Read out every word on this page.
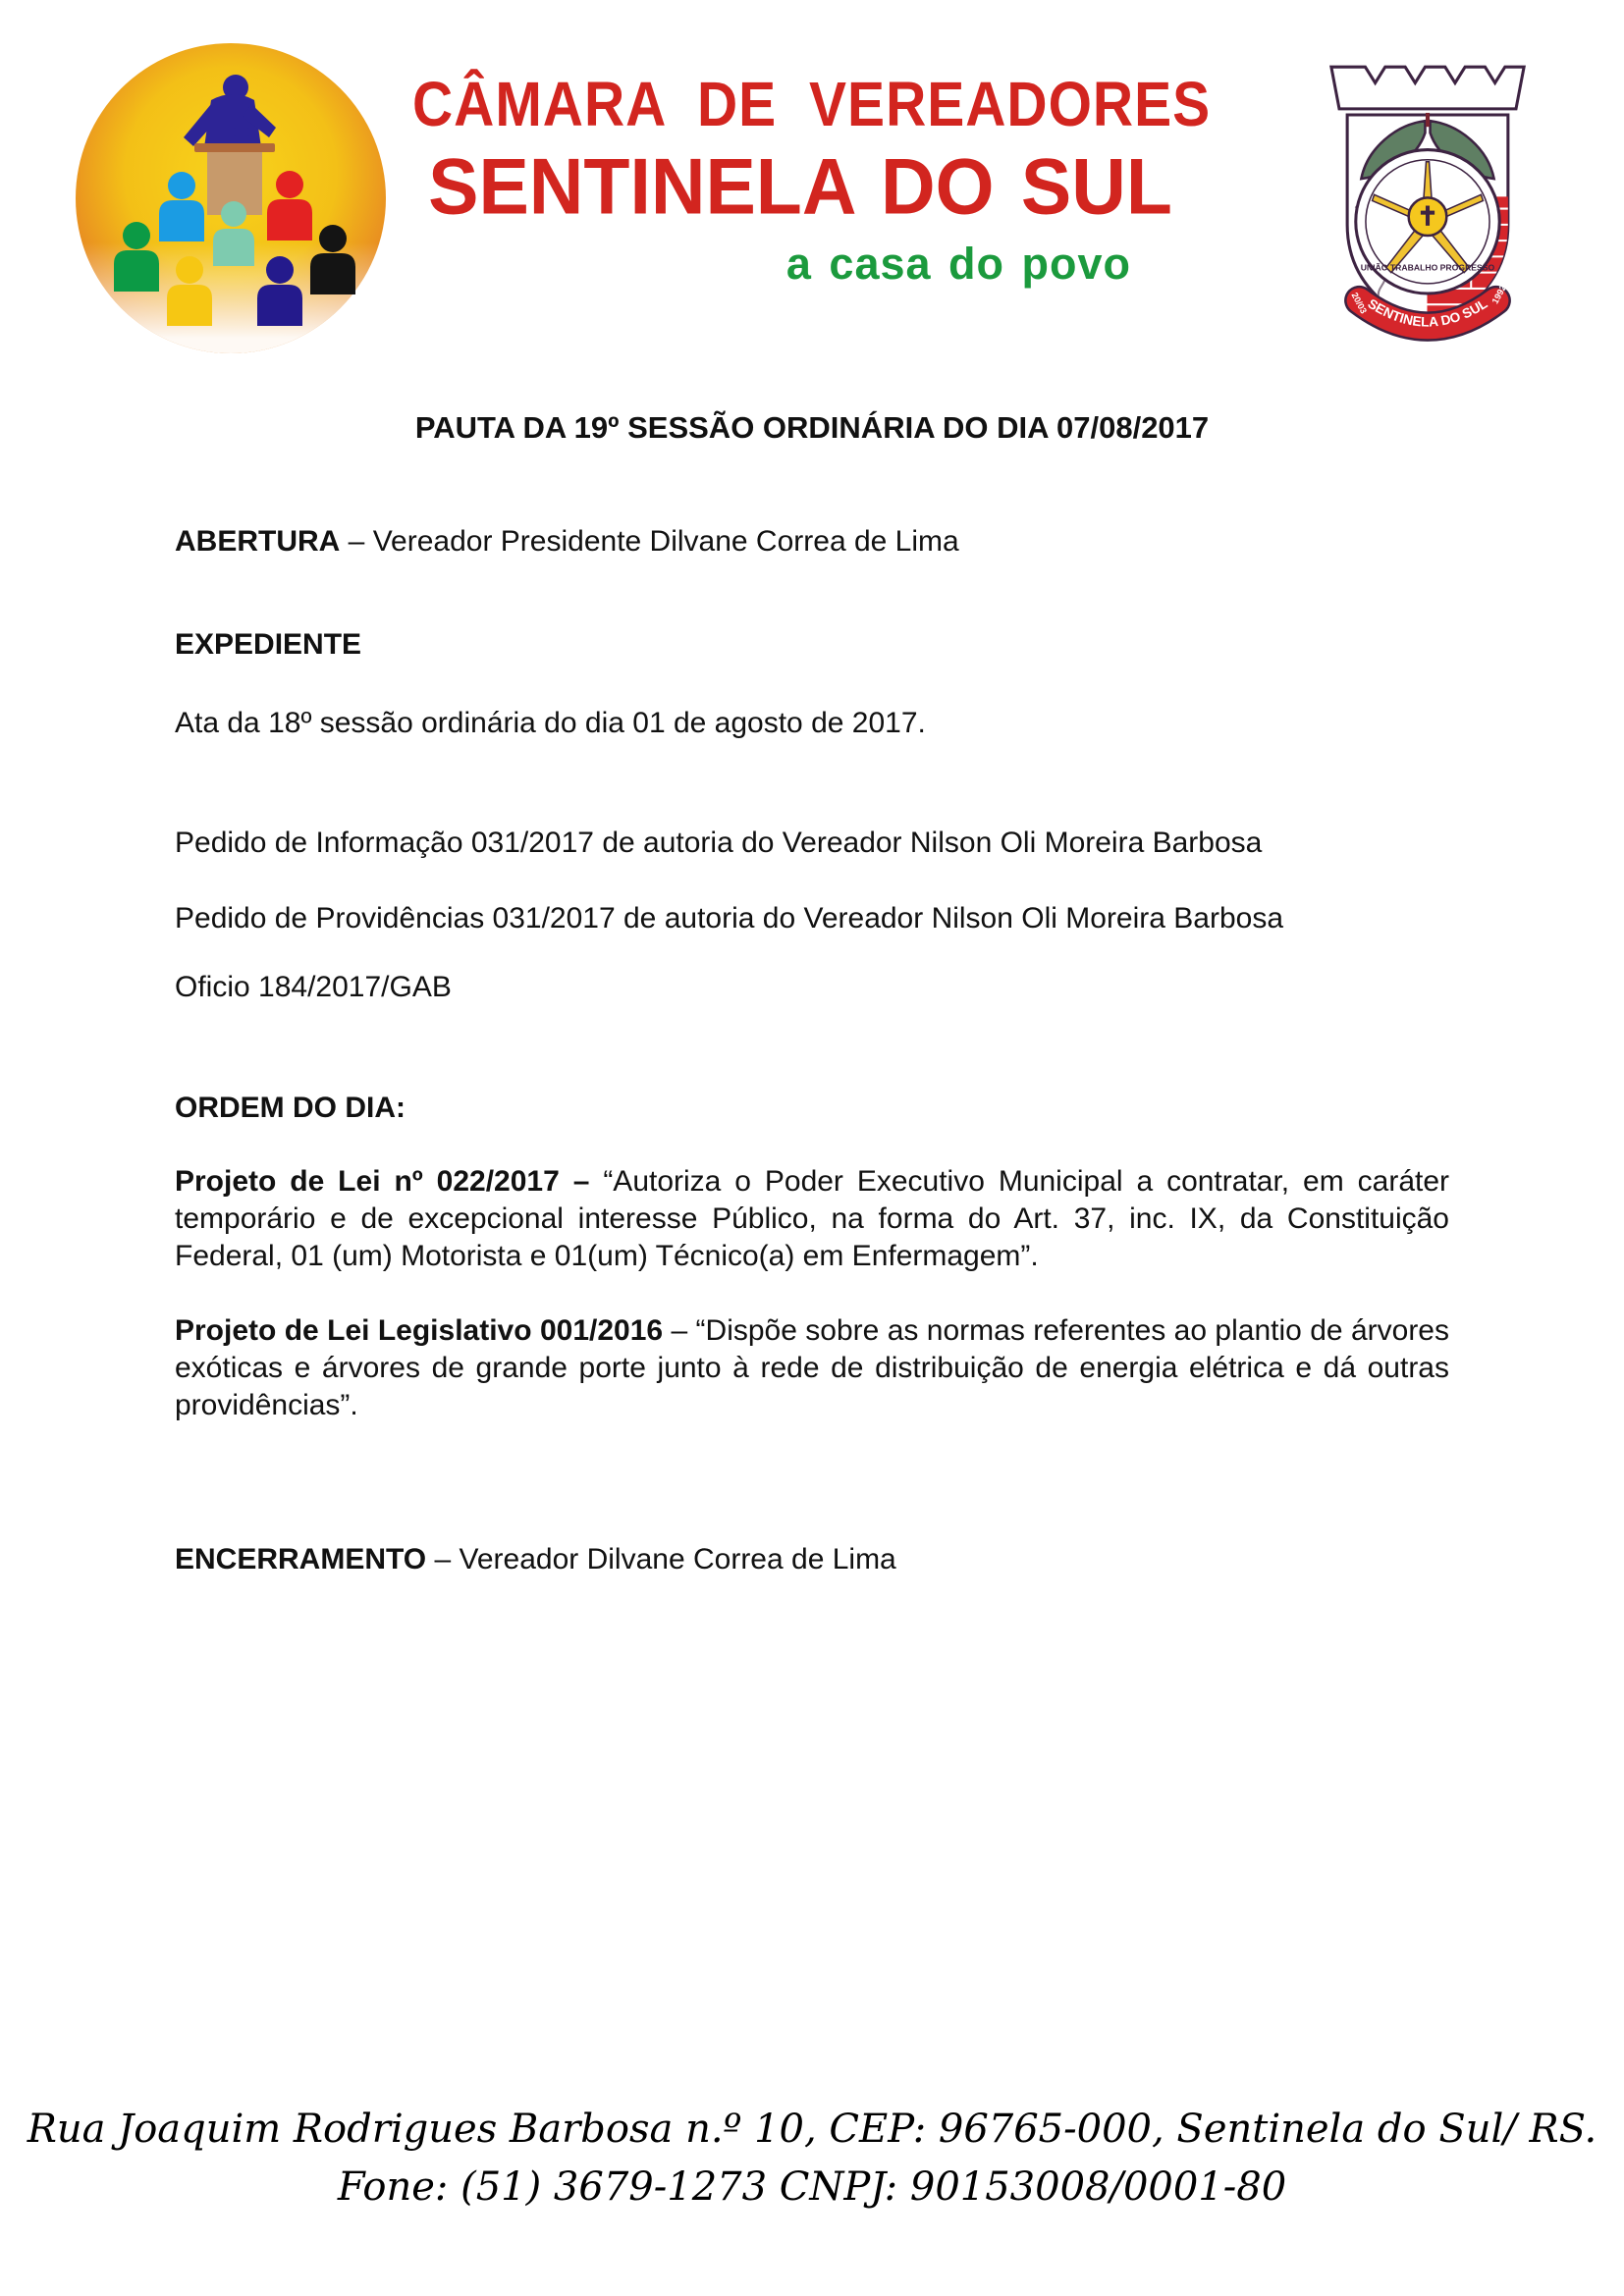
CÂMARA DE VEREADORES
SENTINELA DO SUL
a casa do povo	UNIÃO TRABALHO PROGRESSO
SENTINELA DO SUL
20/03	1992
PAUTA DA 19º SESSÃO ORDINÁRIA DO DIA 07/08/2017

ABERTURA – Vereador Presidente Dilvane Correa de Lima

EXPEDIENTE

Ata da 18º sessão ordinária do dia 01 de agosto de 2017.

Pedido de Informação 031/2017 de autoria do Vereador Nilson Oli Moreira Barbosa

Pedido de Providências 031/2017 de autoria do Vereador Nilson Oli Moreira Barbosa

Oficio 184/2017/GAB

ORDEM DO DIA:

Projeto de Lei nº 022/2017 – “Autoriza o Poder Executivo Municipal a contratar, em caráter temporário e de excepcional interesse Público, na forma do Art. 37, inc. IX, da Constituição Federal, 01 (um) Motorista e 01(um) Técnico(a) em Enfermagem”.

Projeto de Lei Legislativo 001/2016 – “Dispõe sobre as normas referentes ao plantio de árvores exóticas e árvores de grande porte junto à rede de distribuição de energia elétrica e dá outras providências”.

ENCERRAMENTO – Vereador Dilvane Correa de Lima

Rua Joaquim Rodrigues Barbosa n.º 10, CEP: 96765-000, Sentinela do Sul/ RS.
Fone: (51) 3679-1273 CNPJ: 90153008/0001-80
